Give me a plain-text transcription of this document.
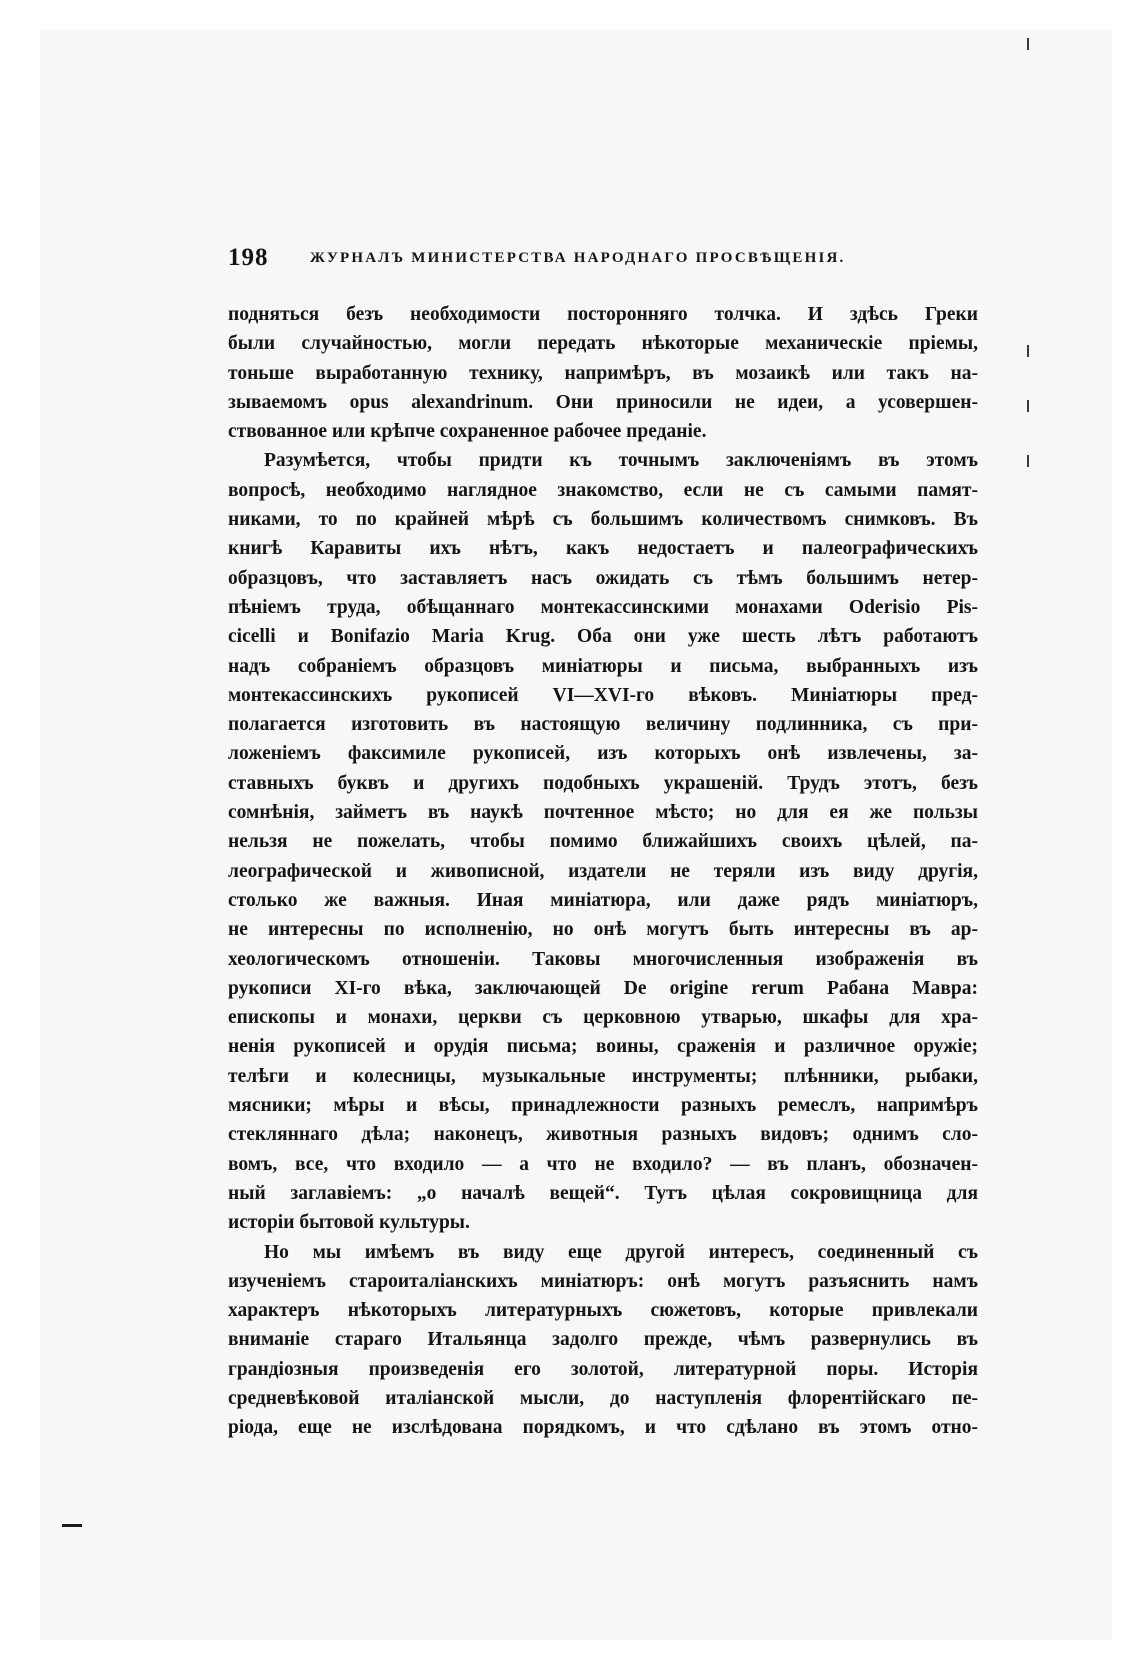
198	ЖУРНАЛЪ МИНИСТЕРСТВА НАРОДНАГО ПРОСВѢЩЕНІЯ.
подняться безъ необходимости посторонняго толчка. И здѣсь Греки
были случайностью, могли передать нѣкоторые механическіе пріемы,
тоньше выработанную технику, напримѣръ, въ мозаикѣ или такъ на-
зываемомъ opus alexandrinum. Они приносили не идеи, а усовершен-
ствованное или крѣпче сохраненное рабочее преданіе.
Разумѣется, чтобы придти къ точнымъ заключеніямъ въ этомъ
вопросѣ, необходимо наглядное знакомство, если не съ самыми памят-
никами, то по крайней мѣрѣ съ большимъ количествомъ снимковъ. Въ
книгѣ Каравиты ихъ нѣтъ, какъ недостаетъ и палеографическихъ
образцовъ, что заставляетъ насъ ожидать съ тѣмъ большимъ нетер-
пѣніемъ труда, обѣщаннаго монтекассинскими монахами Oderisio Pis-
cicelli и Bonifazio Maria Krug. Оба они уже шесть лѣтъ работаютъ
надъ собраніемъ образцовъ миніатюры и письма, выбранныхъ изъ
монтекассинскихъ рукописей VI—XVI-го вѣковъ. Миніатюры пред-
полагается изготовить въ настоящую величину подлинника, съ при-
ложеніемъ факсимиле рукописей, изъ которыхъ онѣ извлечены, за-
ставныхъ буквъ и другихъ подобныхъ украшеній. Трудъ этотъ, безъ
сомнѣнія, займетъ въ наукѣ почтенное мѣсто; но для ея же пользы
нельзя не пожелать, чтобы помимо ближайшихъ своихъ цѣлей, па-
леографической и живописной, издатели не теряли изъ виду другія,
столько же важныя. Иная миніатюра, или даже рядъ миніатюръ,
не интересны по исполненію, но онѣ могутъ быть интересны въ ар-
хеологическомъ отношеніи. Таковы многочисленныя изображенія въ
рукописи XI-го вѣка, заключающей De origine rerum Рабана Мавра:
епископы и монахи, церкви съ церковною утварью, шкафы для хра-
ненія рукописей и орудія письма; воины, сраженія и различное оружіе;
телѣги и колесницы, музыкальные инструменты; плѣнники, рыбаки,
мясники; мѣры и вѣсы, принадлежности разныхъ ремеслъ, напримѣръ
стекляннаго дѣла; наконецъ, животныя разныхъ видовъ; однимъ сло-
вомъ, все, что входило — а что не входило? — въ планъ, обозначен-
ный заглавіемъ: „о началѣ вещей“. Тутъ цѣлая сокровищница для
исторіи бытовой культуры.
Но мы имѣемъ въ виду еще другой интересъ, соединенный съ
изученіемъ староиталіанскихъ миніатюръ: онѣ могутъ разъяснить намъ
характеръ нѣкоторыхъ литературныхъ сюжетовъ, которые привлекали
вниманіе стараго Итальянца задолго прежде, чѣмъ развернулись въ
грандіозныя произведенія его золотой, литературной поры. Исторія
средневѣковой италіанской мысли, до наступленія флорентійскаго пе-
ріода, еще не изслѣдована порядкомъ, и что сдѣлано въ этомъ отно-
